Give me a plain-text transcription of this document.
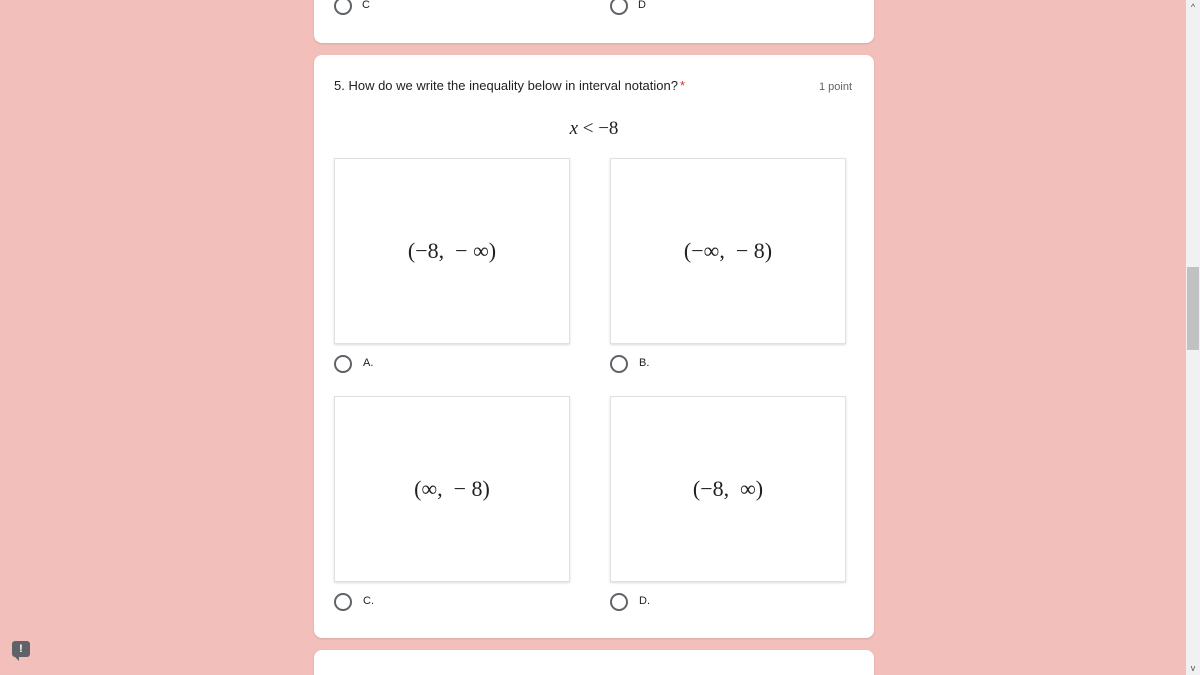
C	D
5. How do we write the inequality below in interval notation? *	1 point
x < −8
(−8,  − ∞)
A.
(−∞,  − 8)
B.
(∞,  − 8)
C.
(−8,  ∞)
D.
!
^
v
